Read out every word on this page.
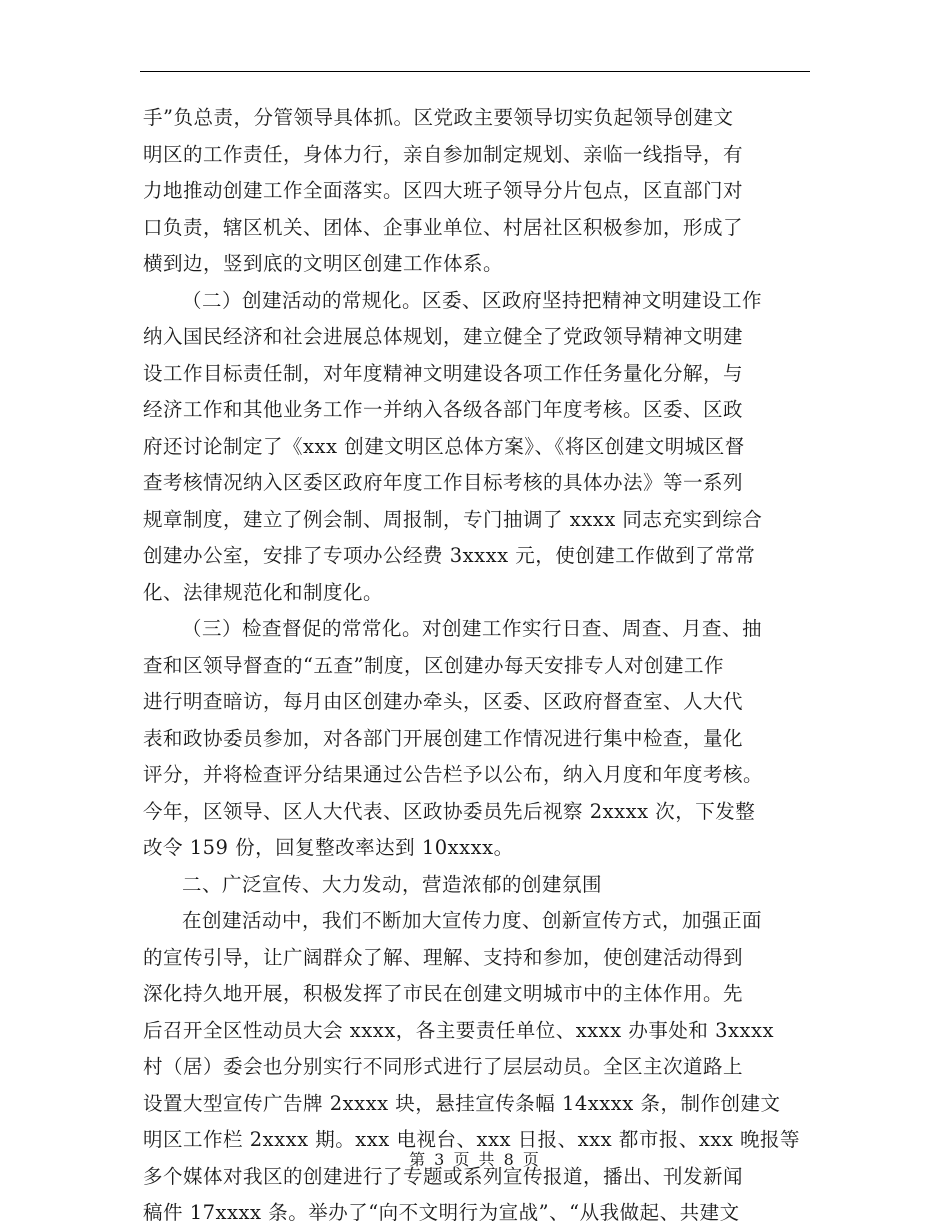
手”负总责，分管领导具体抓。区党政主要领导切实负起领导创建文
明区的工作责任，身体力行，亲自参加制定规划、亲临一线指导，有
力地推动创建工作全面落实。区四大班子领导分片包点，区直部门对
口负责，辖区机关、团体、企事业单位、村居社区积极参加，形成了
横到边，竖到底的文明区创建工作体系。
（二）创建活动的常规化。区委、区政府坚持把精神文明建设工作
纳入国民经济和社会进展总体规划，建立健全了党政领导精神文明建
设工作目标责任制，对年度精神文明建设各项工作任务量化分解，与
经济工作和其他业务工作一并纳入各级各部门年度考核。区委、区政
府还讨论制定了《xxx 创建文明区总体方案》、《将区创建文明城区督
查考核情况纳入区委区政府年度工作目标考核的具体办法》等一系列
规章制度，建立了例会制、周报制，专门抽调了 xxxx 同志充实到综合
创建办公室，安排了专项办公经费 3xxxx 元，使创建工作做到了常常
化、法律规范化和制度化。
（三）检查督促的常常化。对创建工作实行日查、周查、月查、抽
查和区领导督查的“五查”制度，区创建办每天安排专人对创建工作
进行明查暗访，每月由区创建办牵头，区委、区政府督查室、人大代
表和政协委员参加，对各部门开展创建工作情况进行集中检查，量化
评分，并将检查评分结果通过公告栏予以公布，纳入月度和年度考核。
今年，区领导、区人大代表、区政协委员先后视察 2xxxx 次，下发整
改令 159 份，回复整改率达到 10xxxx。
二、广泛宣传、大力发动，营造浓郁的创建氛围
在创建活动中，我们不断加大宣传力度、创新宣传方式，加强正面
的宣传引导，让广阔群众了解、理解、支持和参加，使创建活动得到
深化持久地开展，积极发挥了市民在创建文明城市中的主体作用。先
后召开全区性动员大会 xxxx，各主要责任单位、xxxx 办事处和 3xxxx
村（居）委会也分别实行不同形式进行了层层动员。全区主次道路上
设置大型宣传广告牌 2xxxx 块，悬挂宣传条幅 14xxxx 条，制作创建文
明区工作栏 2xxxx 期。xxx 电视台、xxx 日报、xxx 都市报、xxx 晚报等
多个媒体对我区的创建进行了专题或系列宣传报道，播出、刊发新闻
稿件 17xxxx 条。举办了“向不文明行为宣战”、“从我做起、共建文
第 3 页 共 8 页
